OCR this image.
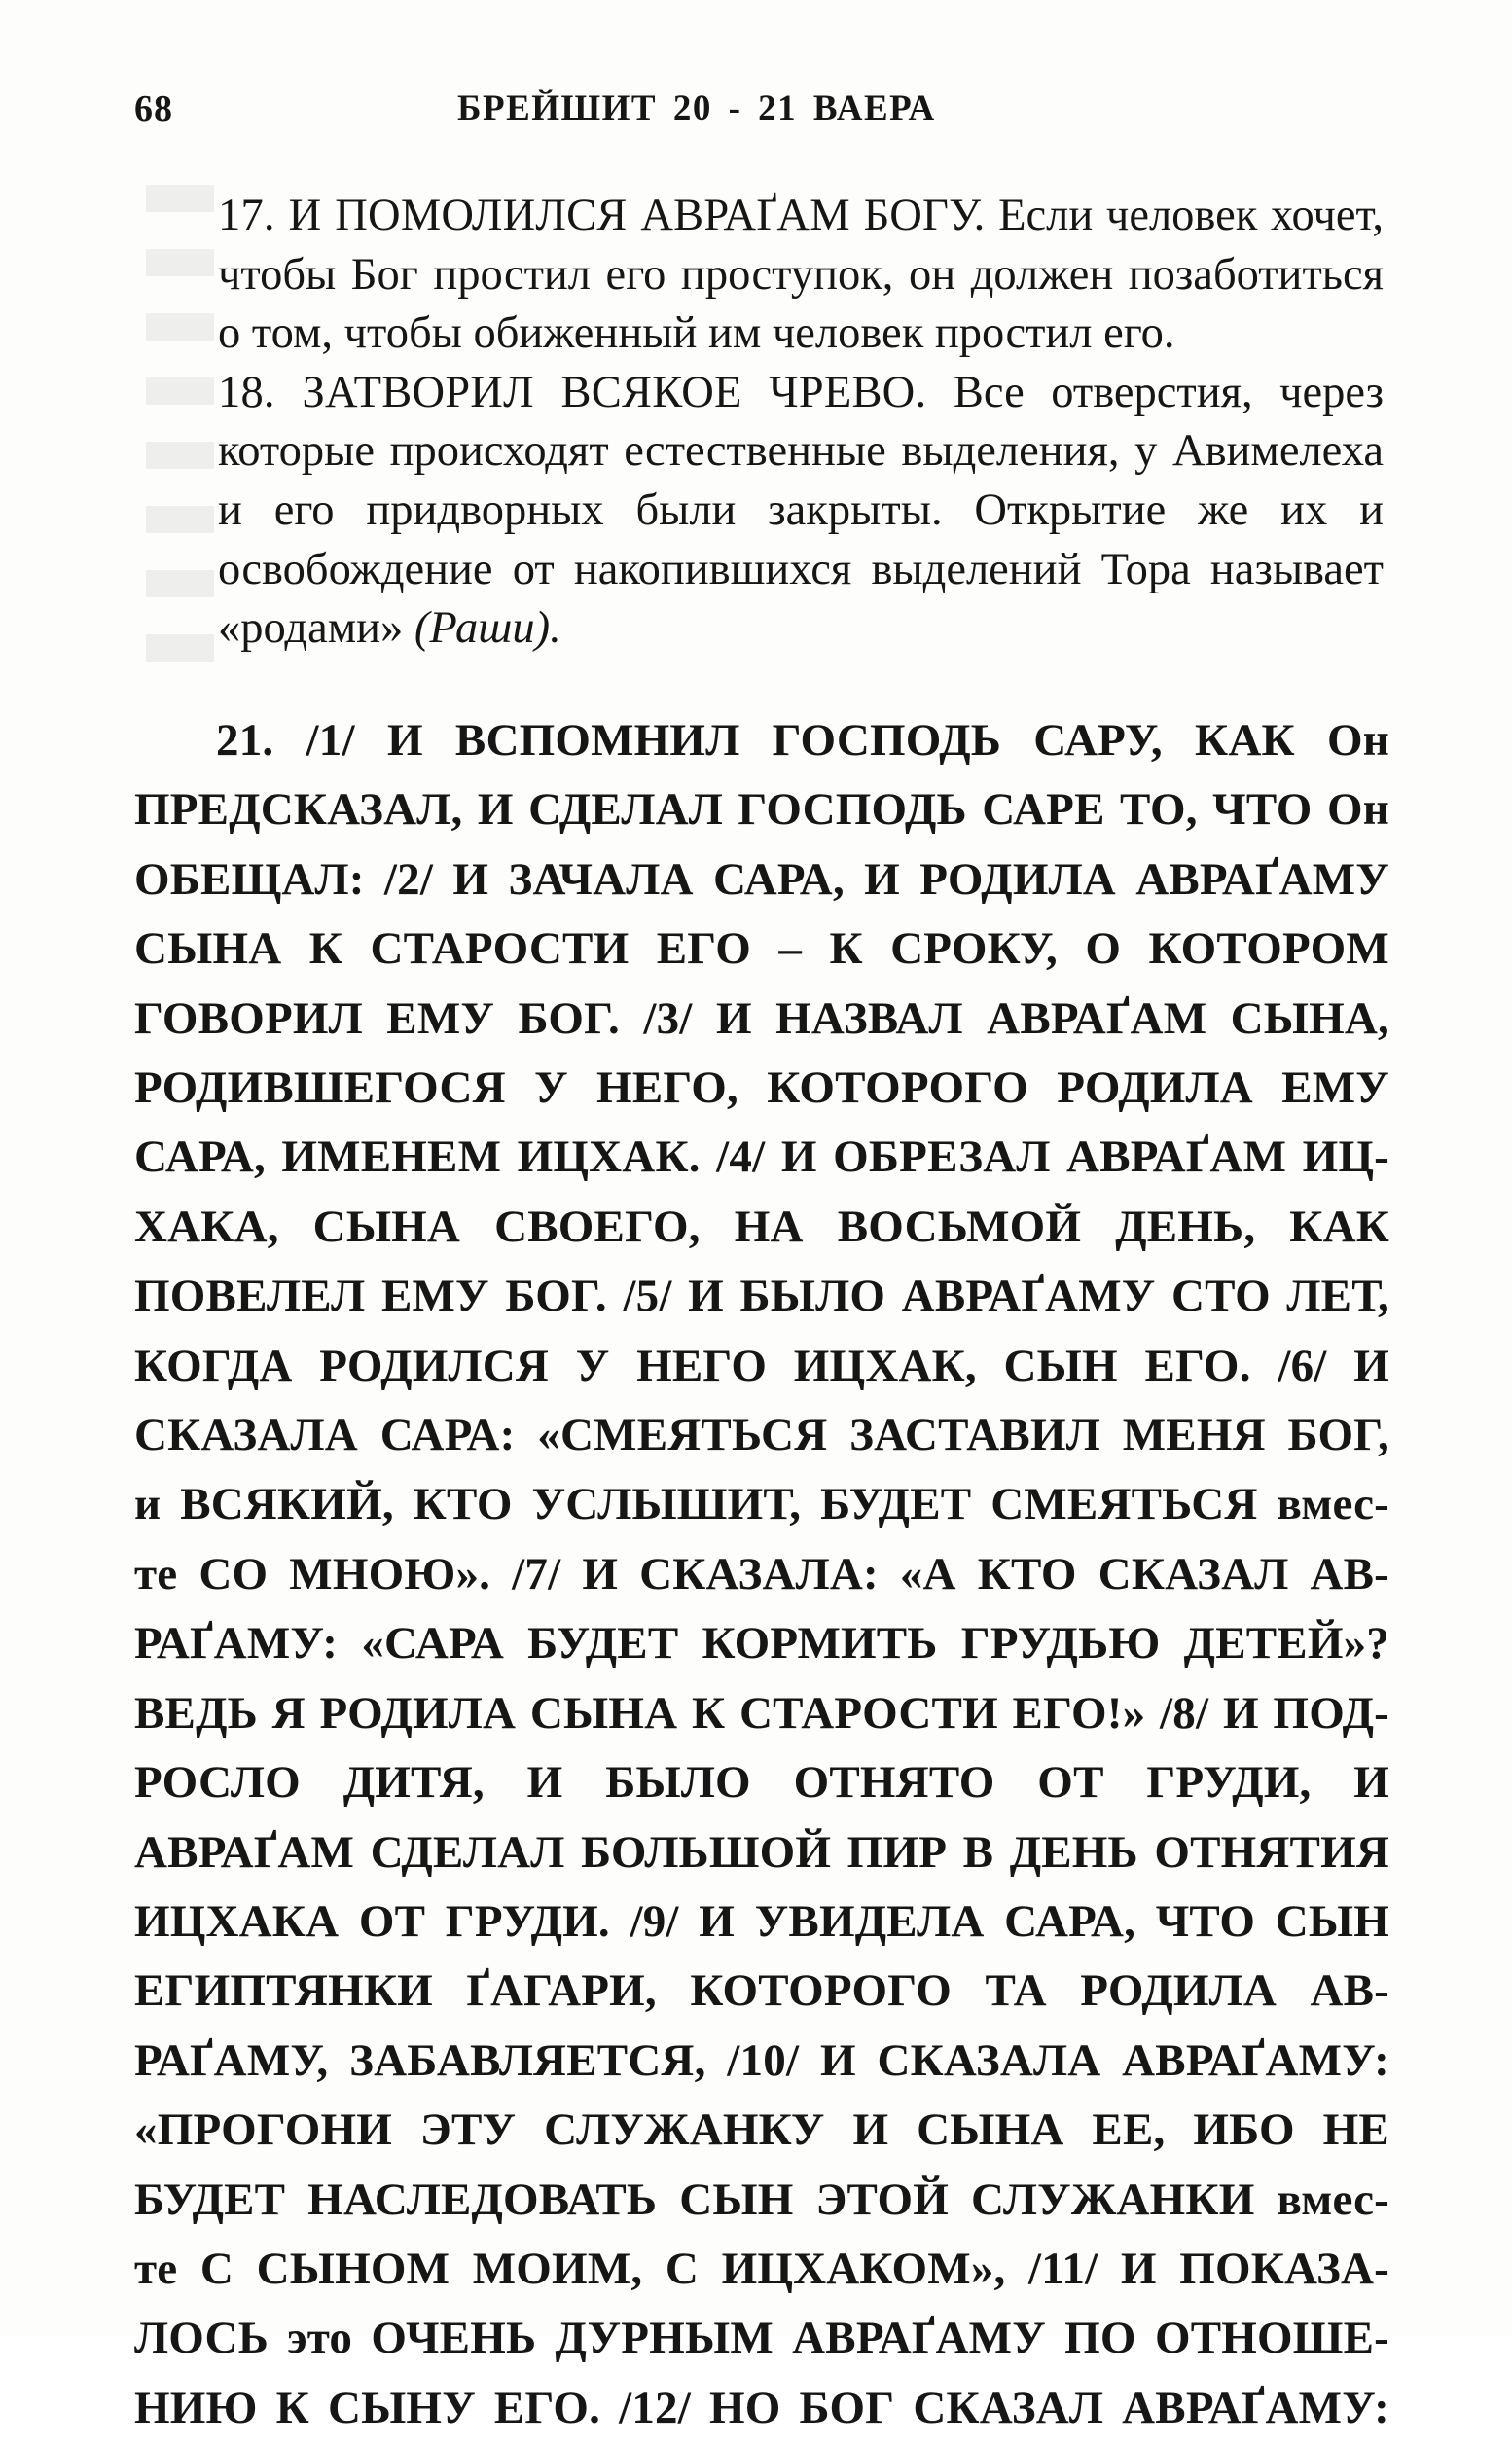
68	БРЕЙШИТ 20 - 21 ВАЕРА

17. И ПОМОЛИЛСЯ АВРАҐАМ БОГУ. Если человек хочет, чтобы Бог простил его проступок, он должен позаботиться о том, чтобы обиженный им человек простил его.

18. ЗАТВОРИЛ ВСЯКОЕ ЧРЕВО. Все отверстия, через которые происходят естественные выделения, у Авимелеха и его придворных были закрыты. Открытие же их и освобождение от накопившихся выделений Тора называет «родами» (Раши).

21. /1/ И ВСПОМНИЛ ГОСПОДЬ САРУ, КАК Он
ПРЕДСКАЗАЛ, И СДЕЛАЛ ГОСПОДЬ САРЕ ТО, ЧТО Он
ОБЕЩАЛ: /2/ И ЗАЧАЛА САРА, И РОДИЛА АВРАҐАМУ
СЫНА К СТАРОСТИ ЕГО – К СРОКУ, О КОТОРОМ
ГОВОРИЛ ЕМУ БОГ. /3/ И НАЗВАЛ АВРАҐАМ СЫНА,
РОДИВШЕГОСЯ У НЕГО, КОТОРОГО РОДИЛА ЕМУ
САРА, ИМЕНЕМ ИЦХАК. /4/ И ОБРЕЗАЛ АВРАҐАМ ИЦ-
ХАКА, СЫНА СВОЕГО, НА ВОСЬМОЙ ДЕНЬ, КАК
ПОВЕЛЕЛ ЕМУ БОГ. /5/ И БЫЛО АВРАҐАМУ СТО ЛЕТ,
КОГДА РОДИЛСЯ У НЕГО ИЦХАК, СЫН ЕГО. /6/ И
СКАЗАЛА САРА: «СМЕЯТЬСЯ ЗАСТАВИЛ МЕНЯ БОГ,
и ВСЯКИЙ, КТО УСЛЫШИТ, БУДЕТ СМЕЯТЬСЯ вмес-
те СО МНОЮ». /7/ И СКАЗАЛА: «А КТО СКАЗАЛ АВ-
РАҐАМУ: «САРА БУДЕТ КОРМИТЬ ГРУДЬЮ ДЕТЕЙ»?
ВЕДЬ Я РОДИЛА СЫНА К СТАРОСТИ ЕГО!» /8/ И ПОД-
РОСЛО ДИТЯ, И БЫЛО ОТНЯТО ОТ ГРУДИ, И
АВРАҐАМ СДЕЛАЛ БОЛЬШОЙ ПИР В ДЕНЬ ОТНЯТИЯ
ИЦХАКА ОТ ГРУДИ. /9/ И УВИДЕЛА САРА, ЧТО СЫН
ЕГИПТЯНКИ ҐАГАРИ, КОТОРОГО ТА РОДИЛА АВ-
РАҐАМУ, ЗАБАВЛЯЕТСЯ, /10/ И СКАЗАЛА АВРАҐАМУ:
«ПРОГОНИ ЭТУ СЛУЖАНКУ И СЫНА ЕЕ, ИБО НЕ
БУДЕТ НАСЛЕДОВАТЬ СЫН ЭТОЙ СЛУЖАНКИ вмес-
те С СЫНОМ МОИМ, С ИЦХАКОМ», /11/ И ПОКАЗА-
ЛОСЬ это ОЧЕНЬ ДУРНЫМ АВРАҐАМУ ПО ОТНОШЕ-
НИЮ К СЫНУ ЕГО. /12/ НО БОГ СКАЗАЛ АВРАҐАМУ:
